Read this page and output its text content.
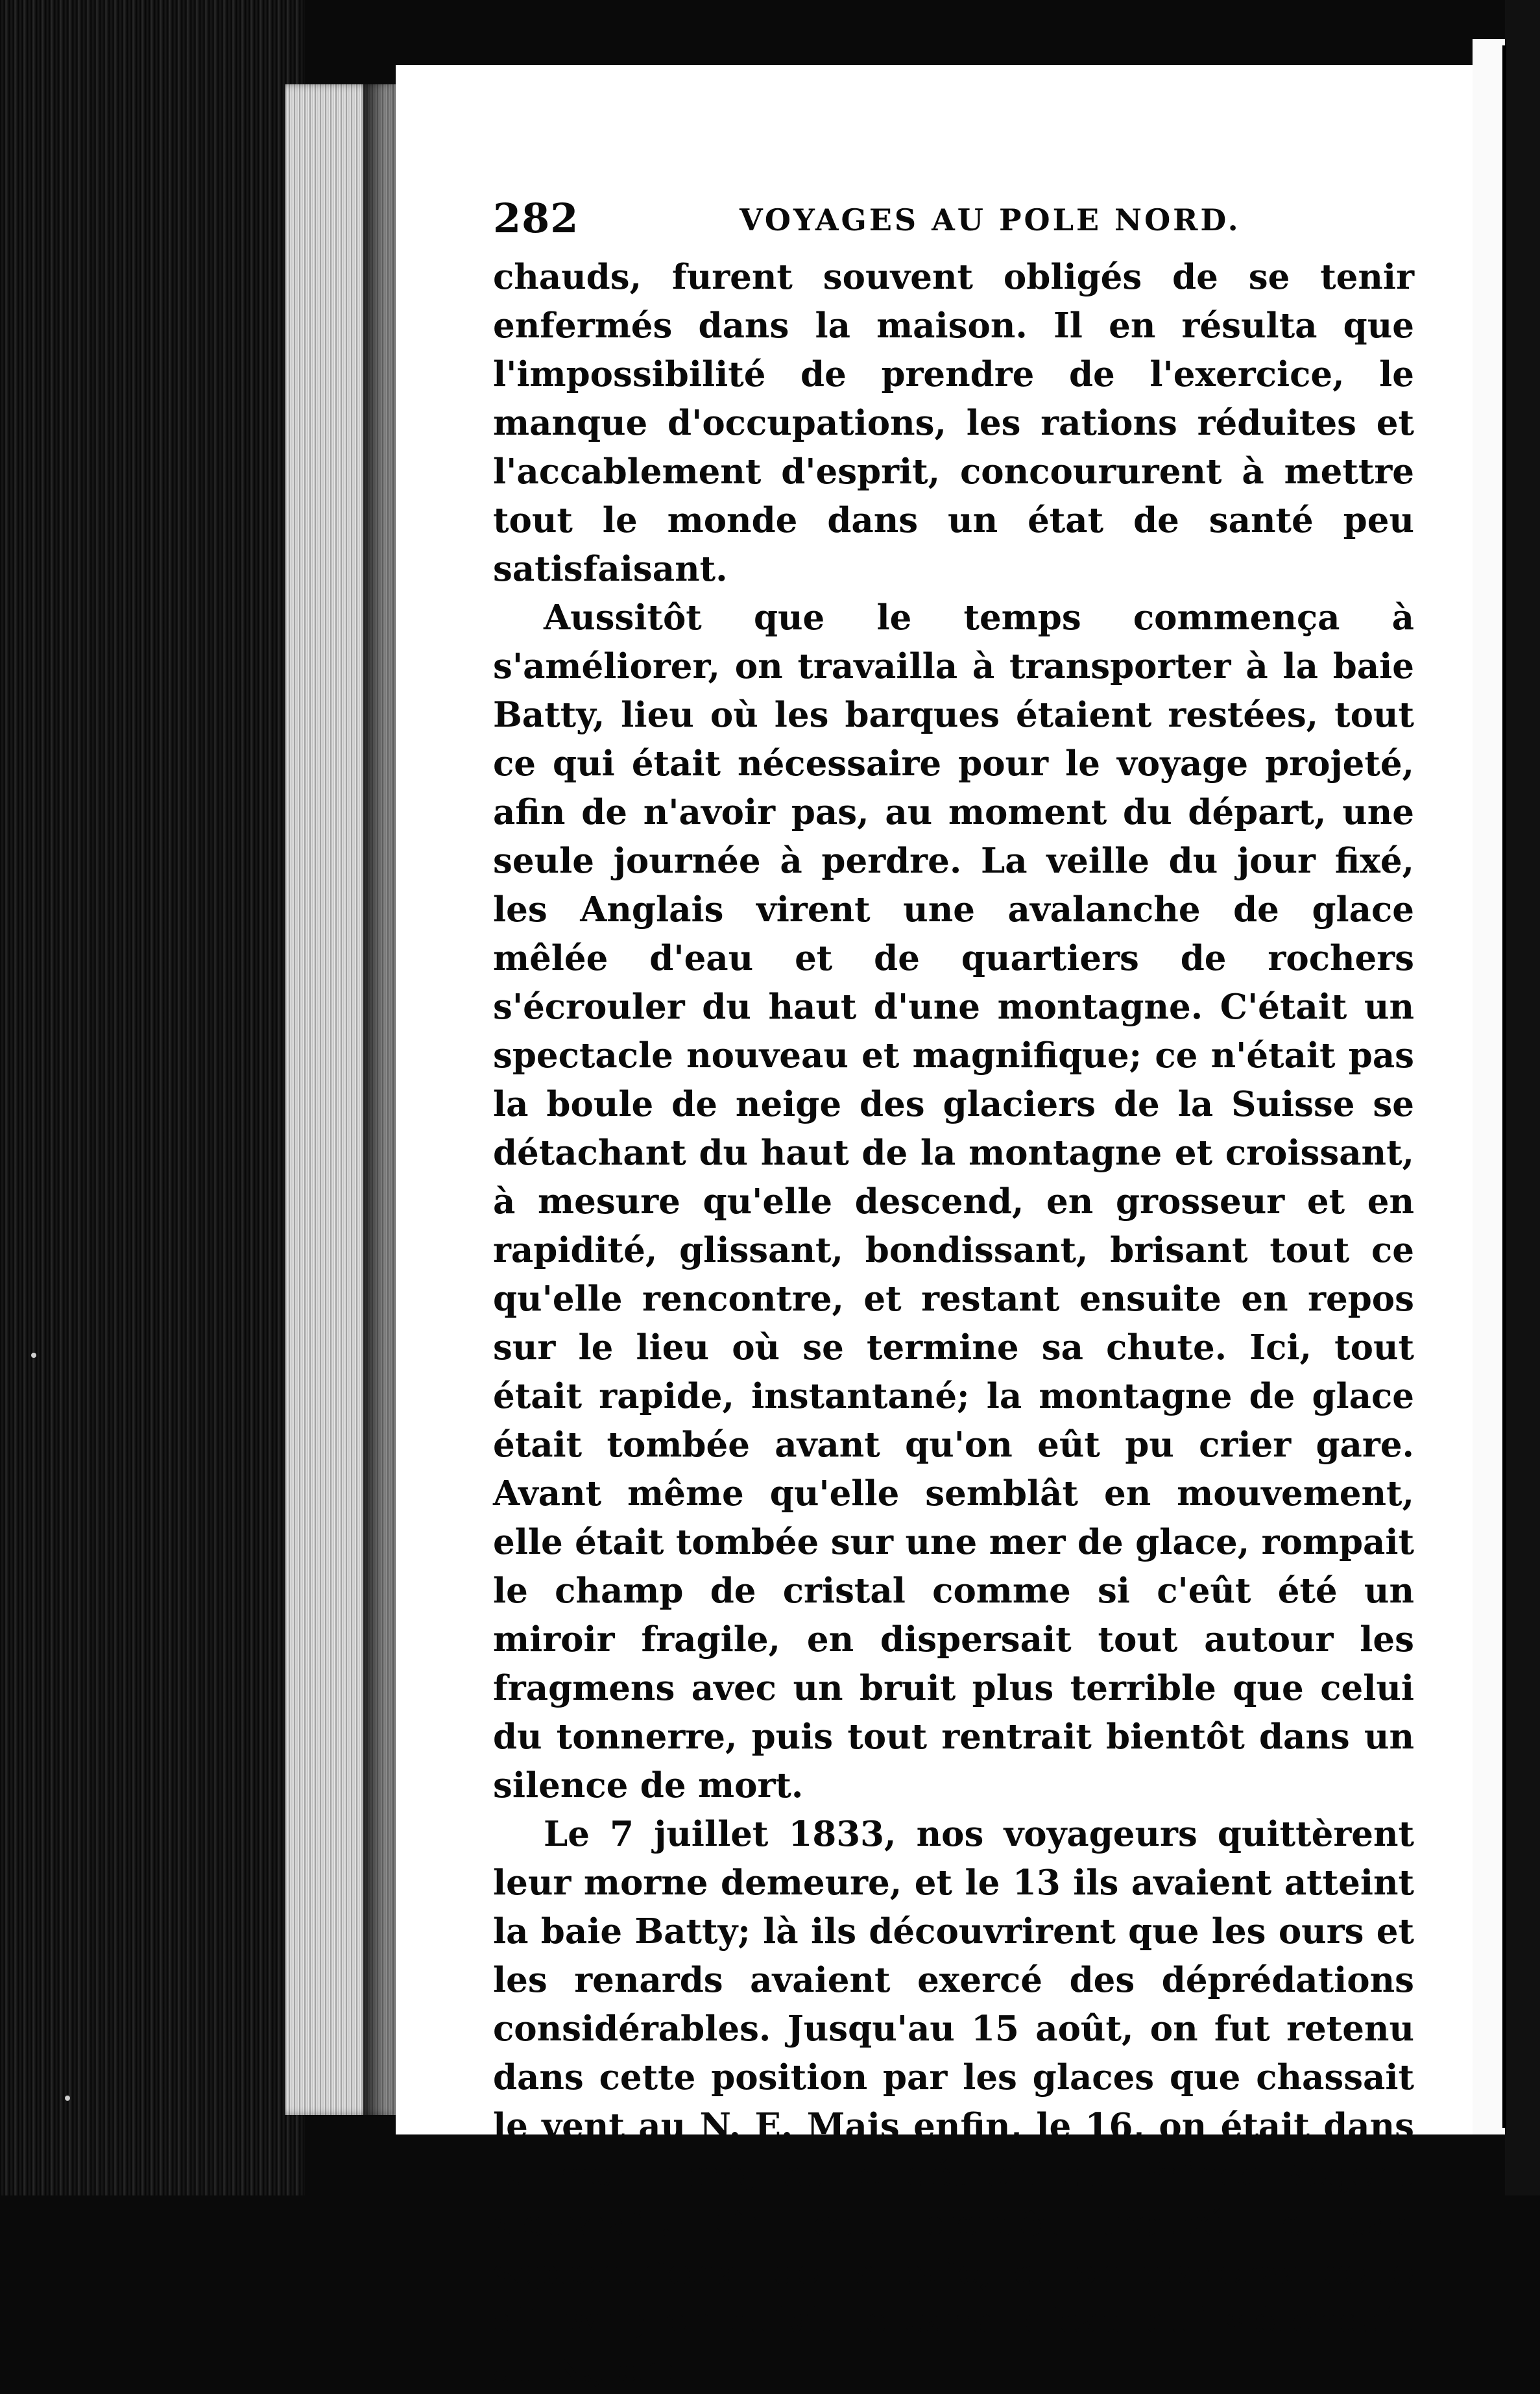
282	VOYAGES AU POLE NORD.

chauds, furent souvent obligés de se tenir enfermés dans la maison. Il en résulta que l'impossibilité de prendre de l'exercice, le manque d'occupations, les rations réduites et l'accablement d'esprit, concoururent à mettre tout le monde dans un état de santé peu satisfaisant.

Aussitôt que le temps commença à s'améliorer, on travailla à transporter à la baie Batty, lieu où les barques étaient restées, tout ce qui était nécessaire pour le voyage projeté, afin de n'avoir pas, au moment du départ, une seule journée à perdre. La veille du jour fixé, les Anglais virent une avalanche de glace mêlée d'eau et de quartiers de rochers s'écrouler du haut d'une montagne. C'était un spectacle nouveau et magnifique; ce n'était pas la boule de neige des glaciers de la Suisse se détachant du haut de la montagne et croissant, à mesure qu'elle descend, en grosseur et en rapidité, glissant, bondissant, brisant tout ce qu'elle rencontre, et restant ensuite en repos sur le lieu où se termine sa chute. Ici, tout était rapide, instantané; la montagne de glace était tombée avant qu'on eût pu crier gare. Avant même qu'elle semblât en mouvement, elle était tombée sur une mer de glace, rompait le champ de cristal comme si c'eût été un miroir fragile, en dispersait tout autour les fragmens avec un bruit plus terrible que celui du tonnerre, puis tout rentrait bientôt dans un silence de mort.

Le 7 juillet 1833, nos voyageurs quittèrent leur morne demeure, et le 13 ils avaient atteint la baie Batty; là ils découvrirent que les ours et les renards avaient exercé des déprédations considérables. Jusqu'au 15 août, on fut retenu dans cette position par les glaces que chassait le vent au N. E. Mais enfin, le 16, on était dans la mer libre, et le détroit du Prince-Régent s'ouvrait. On eut bientôt trouvé le cap septentrional de la baie, et on traversa celle d'Elwin; on suivit le canal d'eau qui s'étendait au N., car
